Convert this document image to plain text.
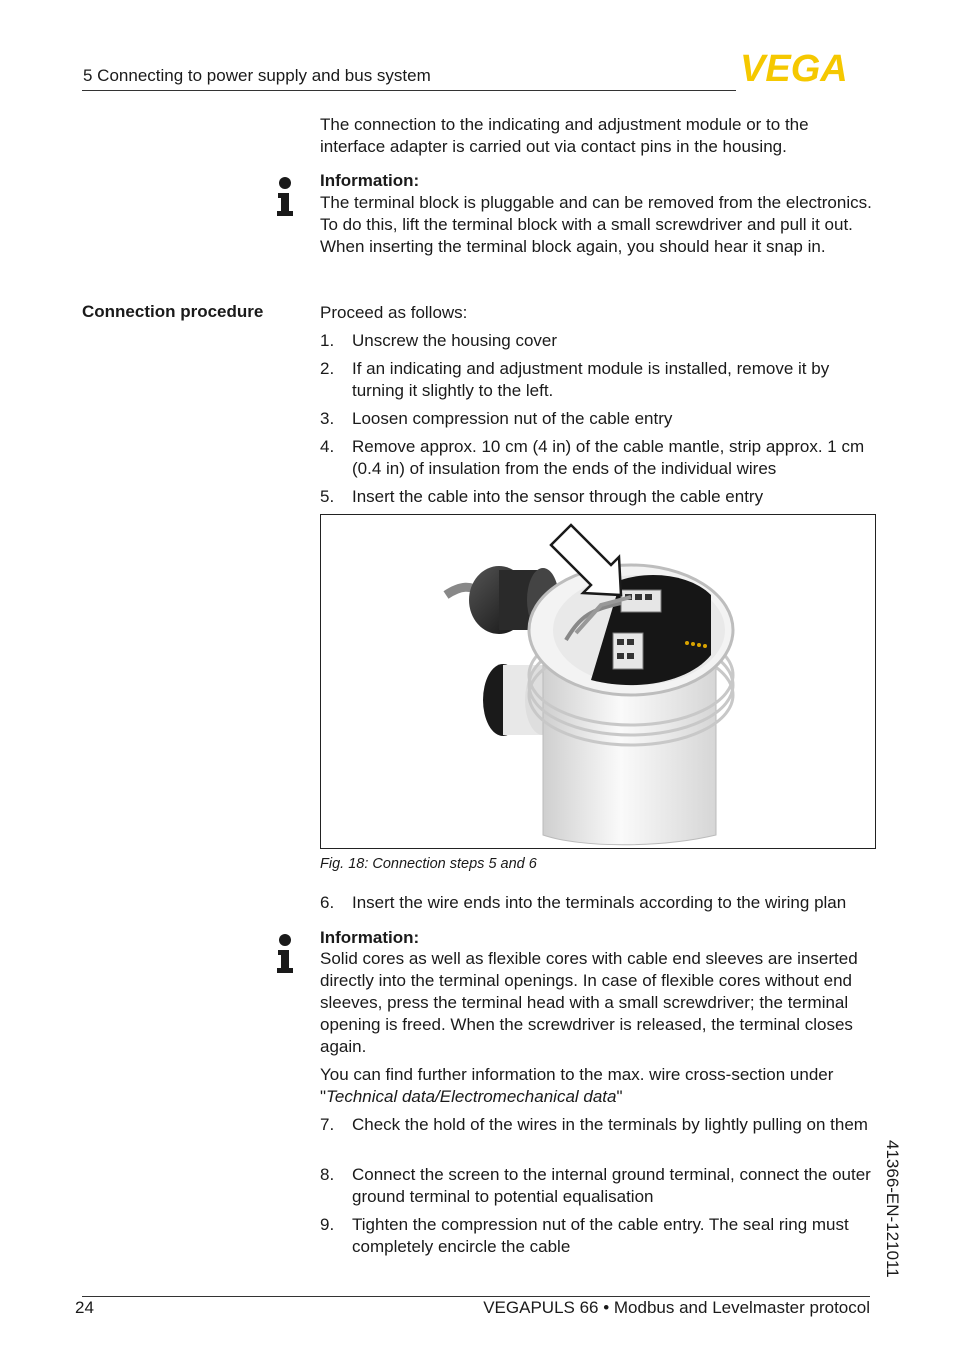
5 Connecting to power supply and bus system	VEGA
The connection to the indicating and adjustment module or to the interface adapter is carried out via contact pins in the housing.
Information:
The terminal block is pluggable and can be removed from the electronics. To do this, lift the terminal block with a small screwdriver and pull it out. When inserting the terminal block again, you should hear it snap in.
Connection procedure	Proceed as follows:
1.	Unscrew the housing cover
2.	If an indicating and adjustment module is installed, remove it by turning it slightly to the left.
3.	Loosen compression nut of the cable entry
4.	Remove approx. 10 cm (4 in) of the cable mantle, strip approx. 1 cm (0.4 in) of insulation from the ends of the individual wires
5.	Insert the cable into the sensor through the cable entry
Fig. 18: Connection steps 5 and 6
6.	Insert the wire ends into the terminals according to the wiring plan
Information:
Solid cores as well as flexible cores with cable end sleeves are inserted directly into the terminal openings. In case of flexible cores without end sleeves, press the terminal head with a small screwdriver; the terminal opening is freed. When the screwdriver is released, the terminal closes again.
You can find further information to the max. wire cross-section under "Technical data/Electromechanical data"
7.	Check the hold of the wires in the terminals by lightly pulling on them
8.	Connect the screen to the internal ground terminal, connect the outer ground terminal to potential equalisation
9.	Tighten the compression nut of the cable entry. The seal ring must completely encircle the cable	41366-EN-121011
24	VEGAPULS 66 • Modbus and Levelmaster protocol
